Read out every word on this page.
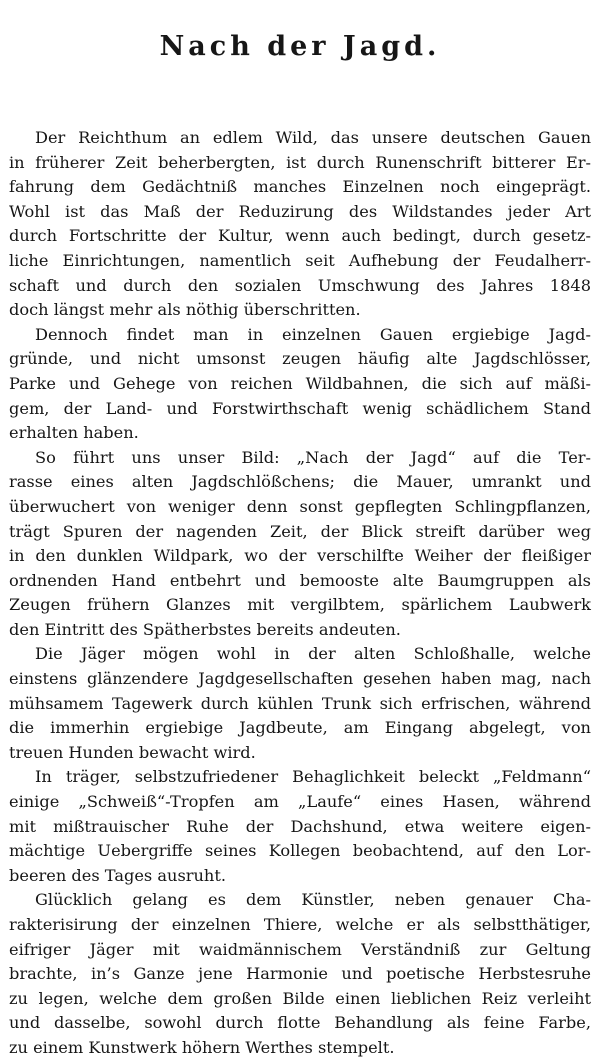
Nach der Jagd.

Der Reichthum an edlem Wild, das unsere deutschen Gauen
in früherer Zeit beherbergten, ist durch Runenschrift bitterer Er-
fahrung dem Gedächtniß manches Einzelnen noch eingeprägt.
Wohl ist das Maß der Reduzirung des Wildstandes jeder Art
durch Fortschritte der Kultur, wenn auch bedingt, durch gesetz-
liche Einrichtungen, namentlich seit Aufhebung der Feudalherr-
schaft und durch den sozialen Umschwung des Jahres 1848
doch längst mehr als nöthig überschritten.

Dennoch findet man in einzelnen Gauen ergiebige Jagd-
gründe, und nicht umsonst zeugen häufig alte Jagdschlösser,
Parke und Gehege von reichen Wildbahnen, die sich auf mäßi-
gem, der Land- und Forstwirthschaft wenig schädlichem Stand
erhalten haben.

So führt uns unser Bild: „Nach der Jagd“ auf die Ter-
rasse eines alten Jagdschlößchens; die Mauer, umrankt und
überwuchert von weniger denn sonst gepflegten Schlingpflanzen,
trägt Spuren der nagenden Zeit, der Blick streift darüber weg
in den dunklen Wildpark, wo der verschilfte Weiher der fleißiger
ordnenden Hand entbehrt und bemooste alte Baumgruppen als
Zeugen frühern Glanzes mit vergilbtem, spärlichem Laubwerk
den Eintritt des Spätherbstes bereits andeuten.

Die Jäger mögen wohl in der alten Schloßhalle, welche
einstens glänzendere Jagdgesellschaften gesehen haben mag, nach
mühsamem Tagewerk durch kühlen Trunk sich erfrischen, während
die immerhin ergiebige Jagdbeute, am Eingang abgelegt, von
treuen Hunden bewacht wird.

In träger, selbstzufriedener Behaglichkeit beleckt „Feldmann“
einige „Schweiß“-Tropfen am „Laufe“ eines Hasen, während
mit mißtrauischer Ruhe der Dachshund, etwa weitere eigen-
mächtige Uebergriffe seines Kollegen beobachtend, auf den Lor-
beeren des Tages ausruht.

Glücklich gelang es dem Künstler, neben genauer Cha-
rakterisirung der einzelnen Thiere, welche er als selbstthätiger,
eifriger Jäger mit waidmännischem Verständniß zur Geltung
brachte, in’s Ganze jene Harmonie und poetische Herbstesruhe
zu legen, welche dem großen Bilde einen lieblichen Reiz verleiht
und dasselbe, sowohl durch flotte Behandlung als feine Farbe,
zu einem Kunstwerk höhern Werthes stempelt.
